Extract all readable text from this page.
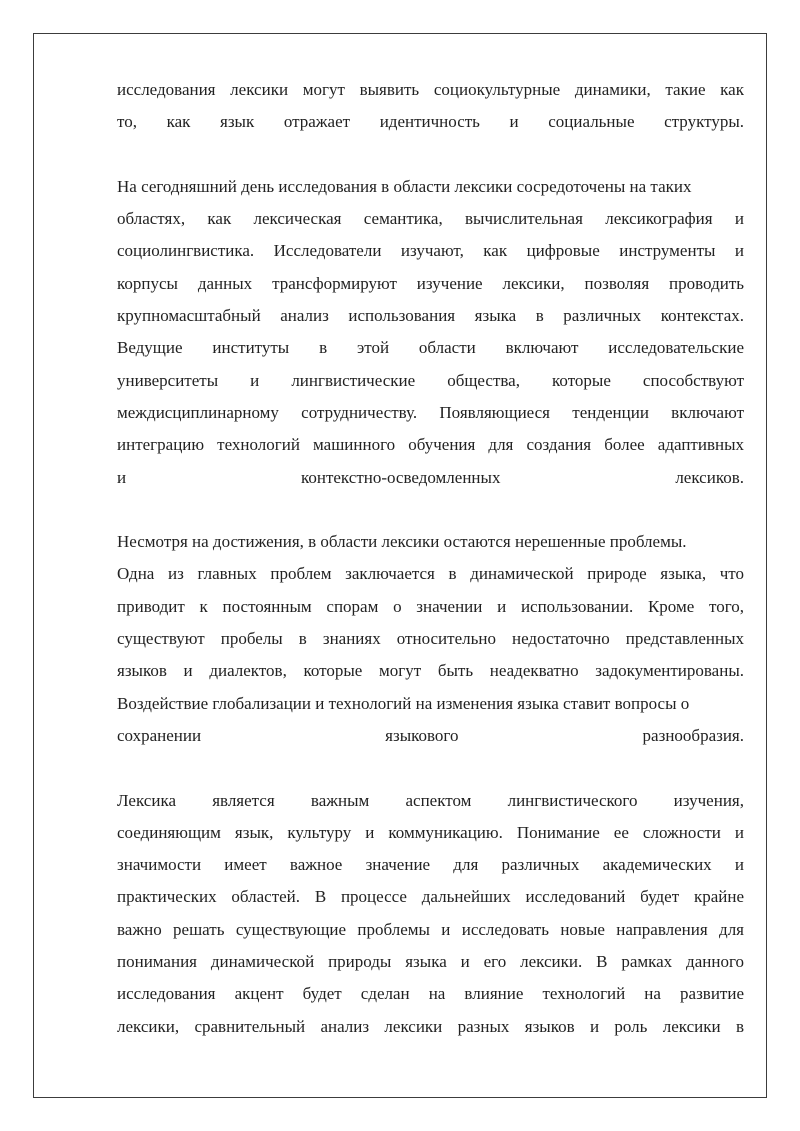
исследования лексики могут выявить социокультурные динамики, такие как
то, как язык отражает идентичность и социальные структуры.
На сегодняшний день исследования в области лексики сосредоточены на таких
областях, как лексическая семантика, вычислительная лексикография и
социолингвистика. Исследователи изучают, как цифровые инструменты и
корпусы данных трансформируют изучение лексики, позволяя проводить
крупномасштабный анализ использования языка в различных контекстах.
Ведущие институты в этой области включают исследовательские
университеты и лингвистические общества, которые способствуют
междисциплинарному сотрудничеству. Появляющиеся тенденции включают
интеграцию технологий машинного обучения для создания более адаптивных
и контекстно-осведомленных лексиков.
Несмотря на достижения, в области лексики остаются нерешенные проблемы.
Одна из главных проблем заключается в динамической природе языка, что
приводит к постоянным спорам о значении и использовании. Кроме того,
существуют пробелы в знаниях относительно недостаточно представленных
языков и диалектов, которые могут быть неадекватно задокументированы.
Воздействие глобализации и технологий на изменения языка ставит вопросы о
сохранении языкового разнообразия.
Лексика является важным аспектом лингвистического изучения,
соединяющим язык, культуру и коммуникацию. Понимание ее сложности и
значимости имеет важное значение для различных академических и
практических областей. В процессе дальнейших исследований будет крайне
важно решать существующие проблемы и исследовать новые направления для
понимания динамической природы языка и его лексики. В рамках данного
исследования акцент будет сделан на влияние технологий на развитие
лексики, сравнительный анализ лексики разных языков и роль лексики в
